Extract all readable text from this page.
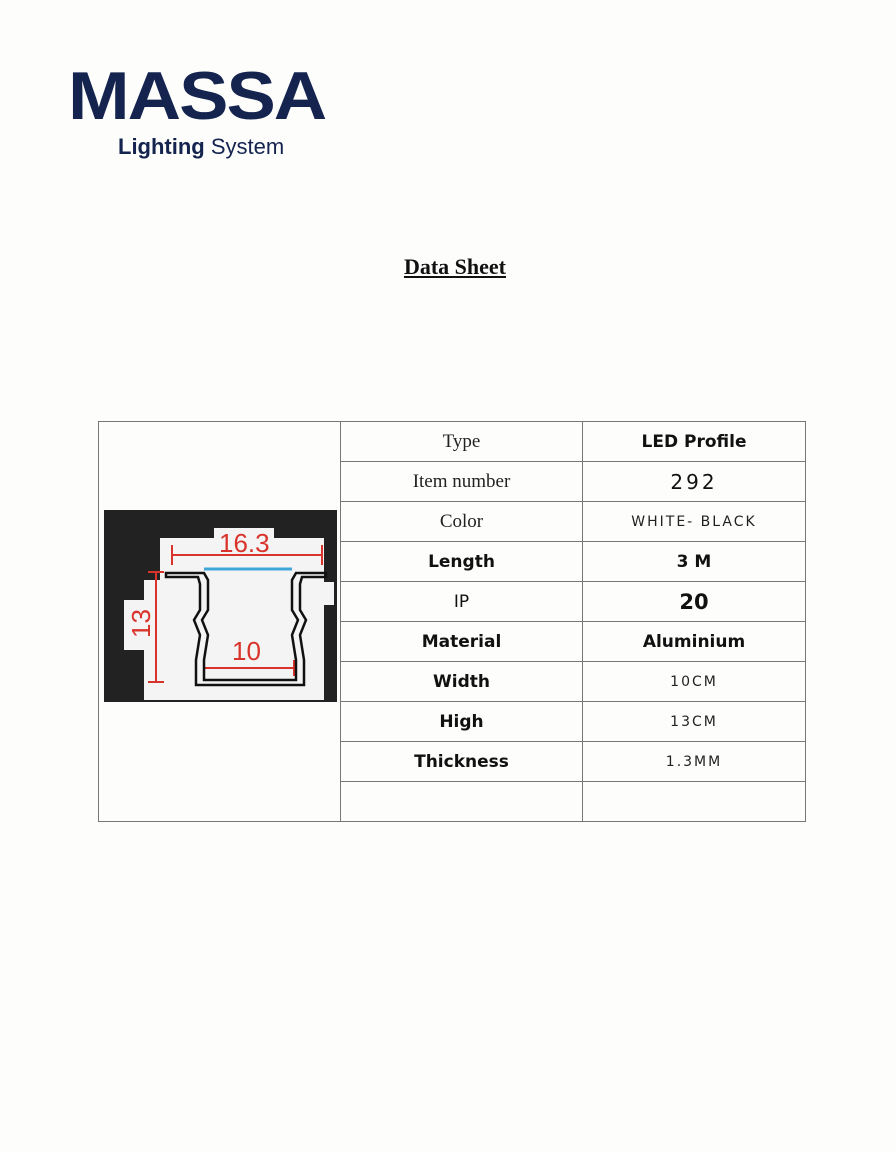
MASSA
Lighting System
Data Sheet
16.3
13
10	Type	LED Profile
	Item number	292
	Color	WHITE- BLACK
	Length	3 M
	IP	20
	Material	Aluminium
	Width	10CM
	High	13CM
	Thickness	1.3MM
